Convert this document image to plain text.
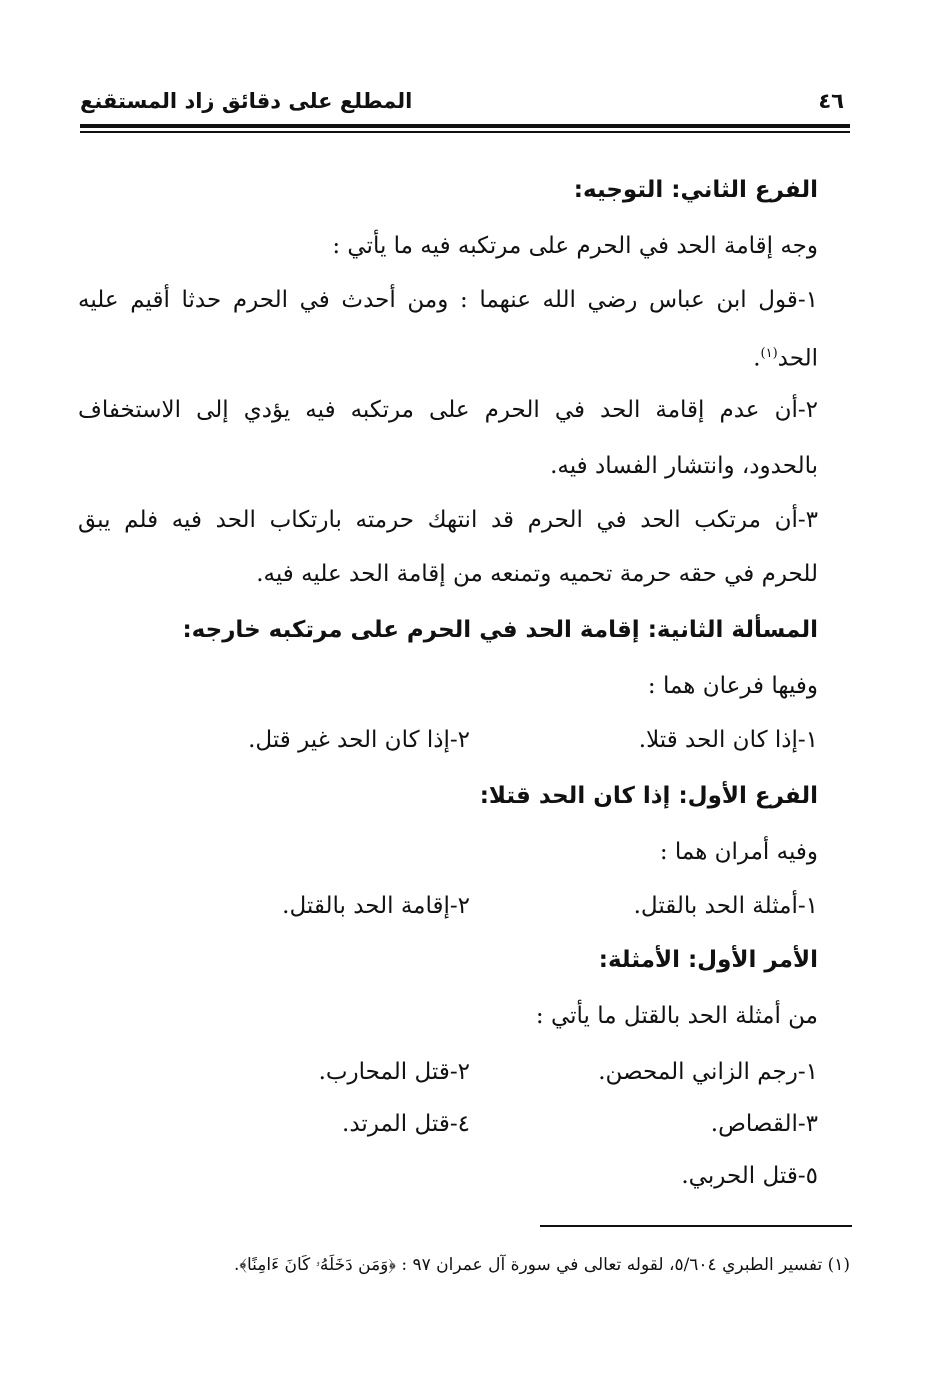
٤٦
المطلع على دقائق زاد المستقنع
الفرع الثاني: التوجيه:
وجه إقامة الحد في الحرم على مرتكبه فيه ما يأتي :
١-قول ابن عباس رضي الله عنهما : ومن أحدث في الحرم حدثا أقيم عليه
الحد$^{(١)}$.
٢-أن عدم إقامة الحد في الحرم على مرتكبه فيه يؤدي إلى الاستخفاف
بالحدود، وانتشار الفساد فيه.
٣-أن مرتكب الحد في الحرم قد انتهك حرمته بارتكاب الحد فيه فلم يبق
للحرم في حقه حرمة تحميه وتمنعه من إقامة الحد عليه فيه.
المسألة الثانية: إقامة الحد في الحرم على مرتكبه خارجه:
وفيها فرعان هما :
١-إذا كان الحد قتلا.
٢-إذا كان الحد غير قتل.
الفرع الأول: إذا كان الحد قتلا:
وفيه أمران هما :
١-أمثلة الحد بالقتل.
٢-إقامة الحد بالقتل.
الأمر الأول: الأمثلة:
من أمثلة الحد بالقتل ما يأتي :
١-رجم الزاني المحصن.
٢-قتل المحارب.
٣-القصاص.
٤-قتل المرتد.
٥-قتل الحربي.
(١) تفسير الطبري ٥/٦٠٤، لقوله تعالى في سورة آل عمران ٩٧ : ﴿وَمَن دَخَلَهُۥ كَانَ ءَامِنًا﴾.
